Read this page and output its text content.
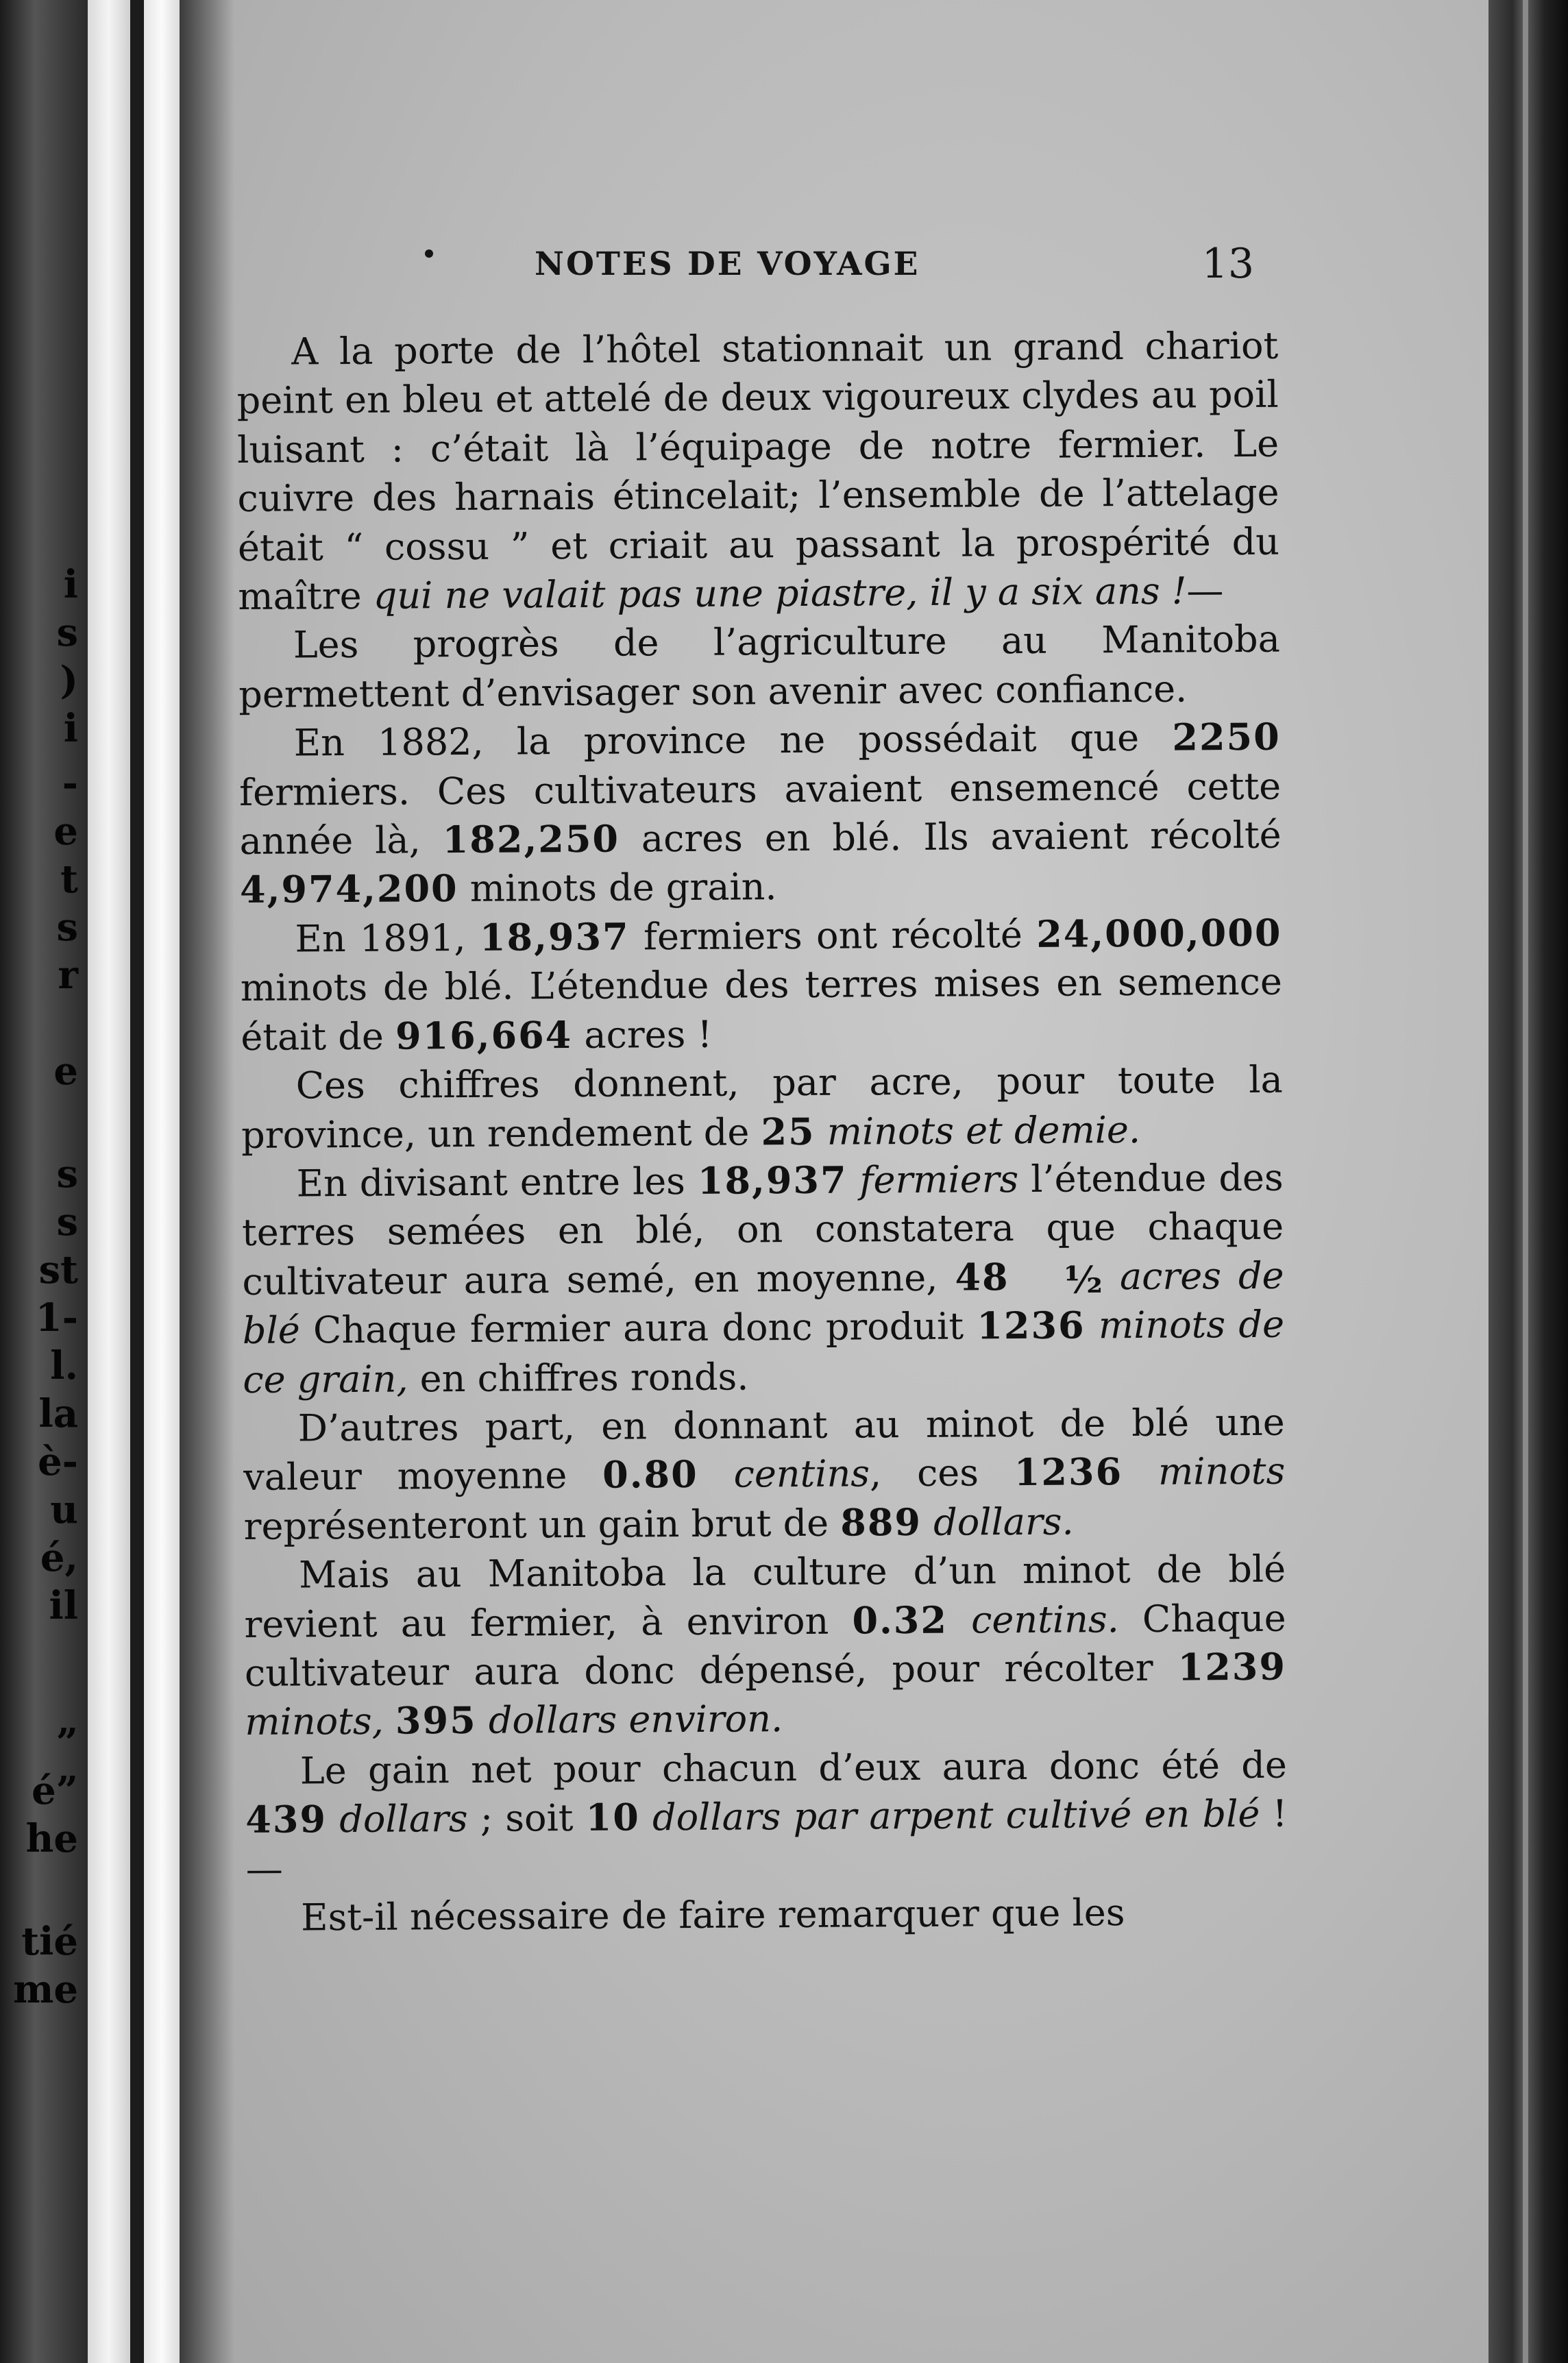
i
s
)
i
-
e
t
s
r
e
s
s
st
1-
l.
la
è-
u
é,
il
”
é”
he
tié
me
NOTES DE VOYAGE	13

A la porte de l’hôtel stationnait un grand chariot peint en bleu et attelé de deux vigoureux clydes au poil luisant : c’était là l’équipage de notre fermier. Le cuivre des harnais étincelait; l’ensemble de l’attelage était “ cossu ” et criait au passant la prospérité du maître qui ne valait pas une piastre, il y a six ans !—

Les progrès de l’agriculture au Manitoba permettent d’envisager son avenir avec confiance.

En 1882, la province ne possédait que 2250 fermiers. Ces cultivateurs avaient ensemencé cette année là, 182,250 acres en blé. Ils avaient récolté 4,974,200 minots de grain.

En 1891, 18,937 fermiers ont récolté 24,000,000 minots de blé. L’étendue des terres mises en semence était de 916,664 acres !

Ces chiffres donnent, par acre, pour toute la province, un rendement de 25 minots et demie.

En divisant entre les 18,937 fermiers l’étendue des terres semées en blé, on constatera que chaque cultivateur aura semé, en moyenne, 48 ½ acres de blé Chaque fermier aura donc produit 1236 minots de ce grain, en chiffres ronds.

D’autres part, en donnant au minot de blé une valeur moyenne 0.80 centins, ces 1236 minots représenteront un gain brut de 889 dollars.

Mais au Manitoba la culture d’un minot de blé revient au fermier, à environ 0.32 centins. Chaque cultivateur aura donc dépensé, pour récolter 1239 minots, 395 dollars environ.

Le gain net pour chacun d’eux aura donc été de 439 dollars ; soit 10 dollars par arpent cultivé en blé !—

Est-il nécessaire de faire remarquer que les
